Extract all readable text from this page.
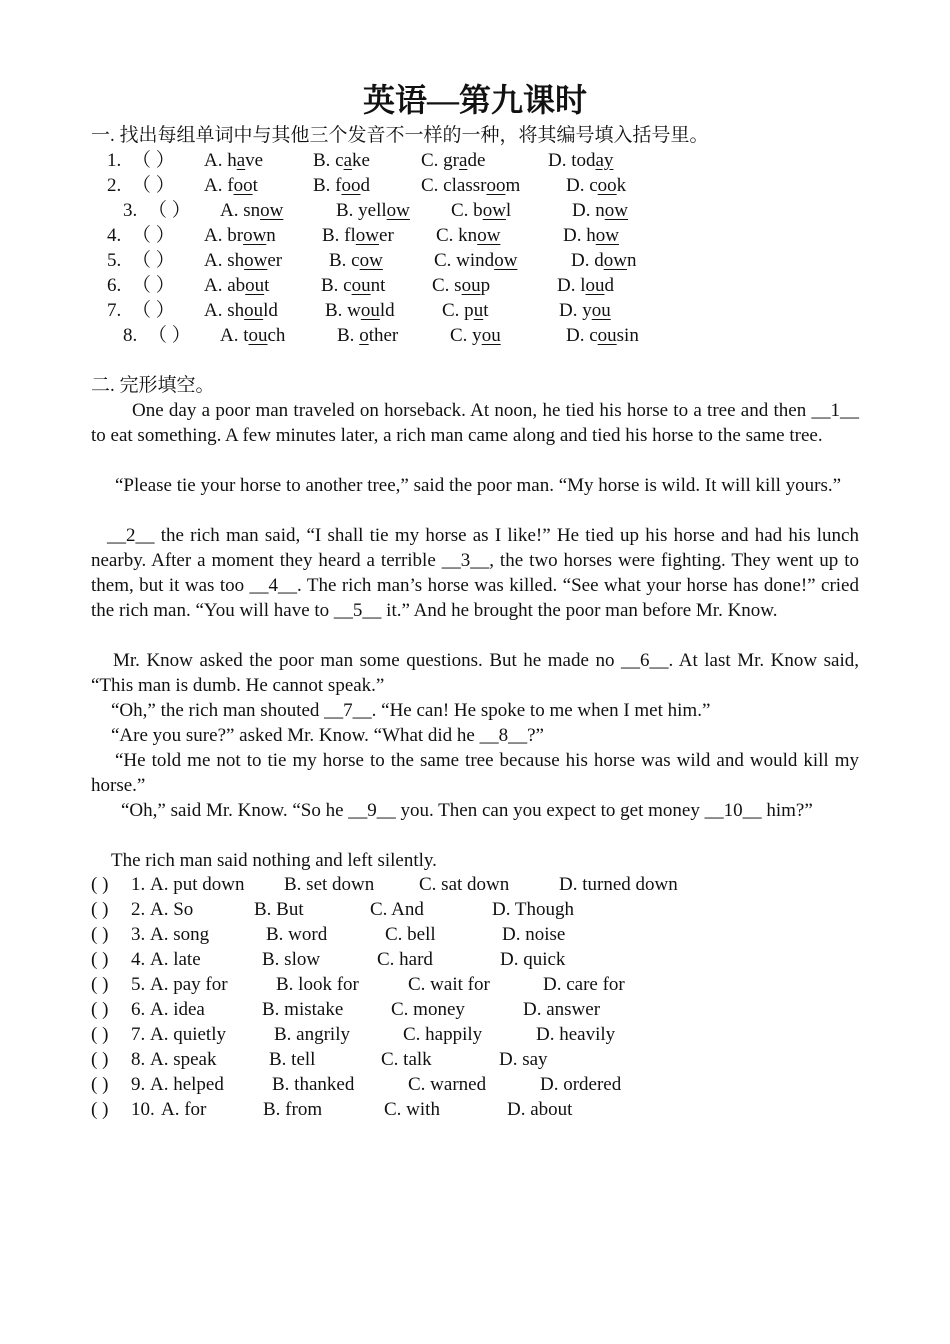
英语—第九课时
一. 找出每组单词中与其他三个发音不一样的一种，将其编号填入括号里。
1. （ ） A. have	B. cake	C. grade	D. today
2. （ ） A. foot	B. food	C. classroom D. cook
3. （ ） A. snow	B. yellow C. bowl	D. now
4. （ ） A. brown B. flower C. know	D. how
5. （ ） A. shower B. cow	C. window	D. down
6. （ ） A. about	B. count C. soup	D. loud
7. （ ） A. should B. would C. put	D. you
8. （ ） A. touch	B. other	C. you	D. cousin
二. 完形填空。
One day a poor man traveled on horseback. At noon, he tied his horse to a tree and then __1__ to eat something. A few minutes later, a rich man came along and tied his horse to the same tree.
“Please tie your horse to another tree,” said the poor man. “My horse is wild. It will kill yours.”
__2__ the rich man said, “I shall tie my horse as I like!” He tied up his horse and had his lunch nearby. After a moment they heard a terrible __3__, the two horses were fighting. They went up to them, but it was too __4__. The rich man’s horse was killed. “See what your horse has done!” cried the rich man. “You will have to __5__ it.” And he brought the poor man before Mr. Know.
Mr. Know asked the poor man some questions. But he made no __6__. At last Mr. Know said, “This man is dumb. He cannot speak.”
“Oh,” the rich man shouted __7__. “He can! He spoke to me when I met him.”
“Are you sure?” asked Mr. Know. “What did he __8__?”
“He told me not to tie my horse to the same tree because his horse was wild and would kill my horse.”
“Oh,” said Mr. Know. “So he __9__ you. Then can you expect to get money __10__ him?”
The rich man said nothing and left silently.
( ) 1. A. put down B. set down C. sat down	D. turned down
( ) 2. A. So	B. But	C. And	D. Though
( ) 3. A. song	B. word	C. bell	D. noise
( ) 4. A. late	B. slow	C. hard	D. quick
( ) 5. A. pay for	B. look for	C. wait for	D. care for
( ) 6. A. idea	B. mistake	C. money	D. answer
( ) 7. A. quietly	B. angrily	C. happily	D. heavily
( ) 8. A. speak	B. tell	C. talk	D. say
( ) 9. A. helped	B. thanked	C. warned	D. ordered
( ) 10. A. for	B. from	C. with	D. about
